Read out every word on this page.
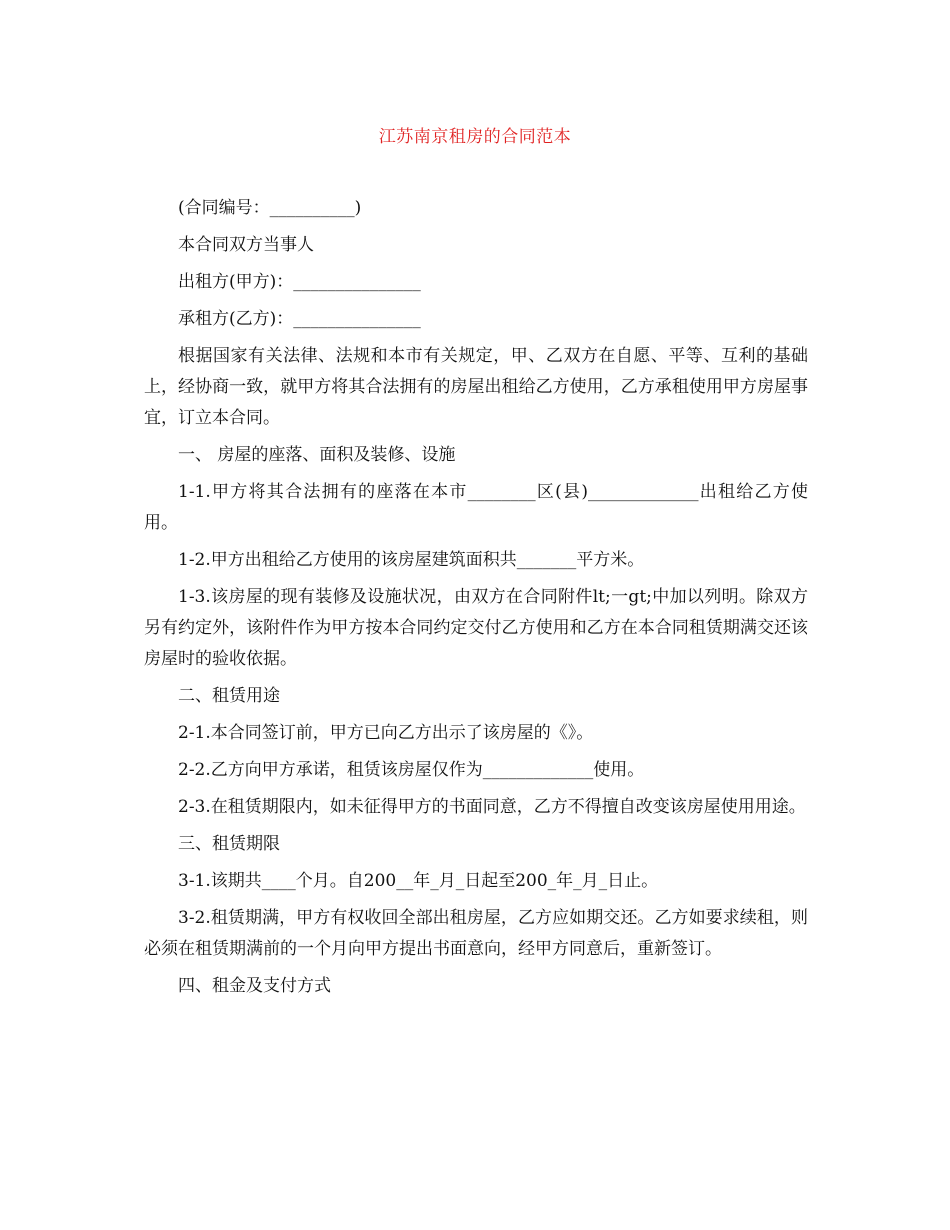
江苏南京租房的合同范本

(合同编号：__________)

本合同双方当事人

出租方(甲方)：_______________

承租方(乙方)：_______________

根据国家有关法律、法规和本市有关规定，甲、乙双方在自愿、平等、互利的基础上，经协商一致，就甲方将其合法拥有的房屋出租给乙方使用，乙方承租使用甲方房屋事宜，订立本合同。

一、 房屋的座落、面积及装修、设施

1-1.甲方将其合法拥有的座落在本市________区(县)_____________出租给乙方使用。

1-2.甲方出租给乙方使用的该房屋建筑面积共_______平方米。

1-3.该房屋的现有装修及设施状况，由双方在合同附件lt;一gt;中加以列明。除双方另有约定外，该附件作为甲方按本合同约定交付乙方使用和乙方在本合同租赁期满交还该房屋时的验收依据。

二、租赁用途

2-1.本合同签订前，甲方已向乙方出示了该房屋的《》。

2-2.乙方向甲方承诺，租赁该房屋仅作为_____________使用。

2-3.在租赁期限内，如未征得甲方的书面同意，乙方不得擅自改变该房屋使用用途。

三、租赁期限

3-1.该期共____个月。自200__年_月_日起至200_年_月_日止。

3-2.租赁期满，甲方有权收回全部出租房屋，乙方应如期交还。乙方如要求续租，则必须在租赁期满前的一个月向甲方提出书面意向，经甲方同意后，重新签订。

四、租金及支付方式
